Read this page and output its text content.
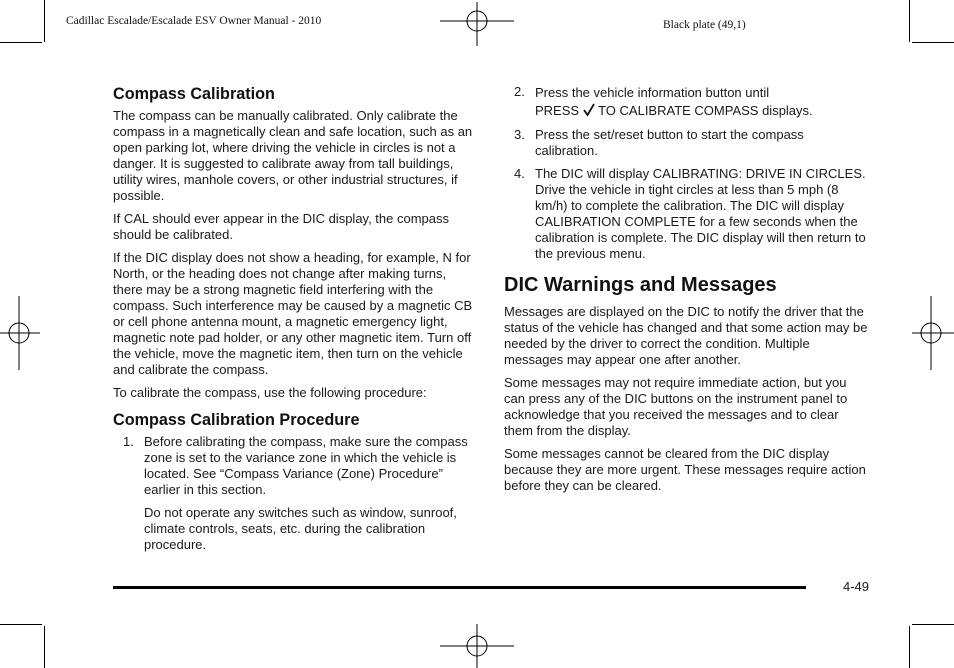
Cadillac Escalade/Escalade ESV Owner Manual - 2010	Black plate (49,1)
Compass Calibration

The compass can be manually calibrated. Only calibrate the compass in a magnetically clean and safe location, such as an open parking lot, where driving the vehicle in circles is not a danger. It is suggested to calibrate away from tall buildings, utility wires, manhole covers, or other industrial structures, if possible.

If CAL should ever appear in the DIC display, the compass should be calibrated.

If the DIC display does not show a heading, for example, N for North, or the heading does not change after making turns, there may be a strong magnetic field interfering with the compass. Such interference may be caused by a magnetic CB or cell phone antenna mount, a magnetic emergency light, magnetic note pad holder, or any other magnetic item. Turn off the vehicle, move the magnetic item, then turn on the vehicle and calibrate the compass.

To calibrate the compass, use the following procedure:

Compass Calibration Procedure
1. Before calibrating the compass, make sure the compass zone is set to the variance zone in which the vehicle is located. See “Compass Variance (Zone) Procedure” earlier in this section.

Do not operate any switches such as window, sunroof, climate controls, seats, etc. during the calibration procedure.

2. Press the vehicle information button until
PRESS TO CALIBRATE COMPASS displays.

3. Press the set/reset button to start the compass calibration.

4. The DIC will display CALIBRATING: DRIVE IN CIRCLES. Drive the vehicle in tight circles at less than 5 mph (8 km/h) to complete the calibration. The DIC will display CALIBRATION COMPLETE for a few seconds when the calibration is complete. The DIC display will then return to the previous menu.

DIC Warnings and Messages

Messages are displayed on the DIC to notify the driver that the status of the vehicle has changed and that some action may be needed by the driver to correct the condition. Multiple messages may appear one after another.

Some messages may not require immediate action, but you can press any of the DIC buttons on the instrument panel to acknowledge that you received the messages and to clear them from the display.

Some messages cannot be cleared from the DIC display because they are more urgent. These messages require action before they can be cleared.

4-49
